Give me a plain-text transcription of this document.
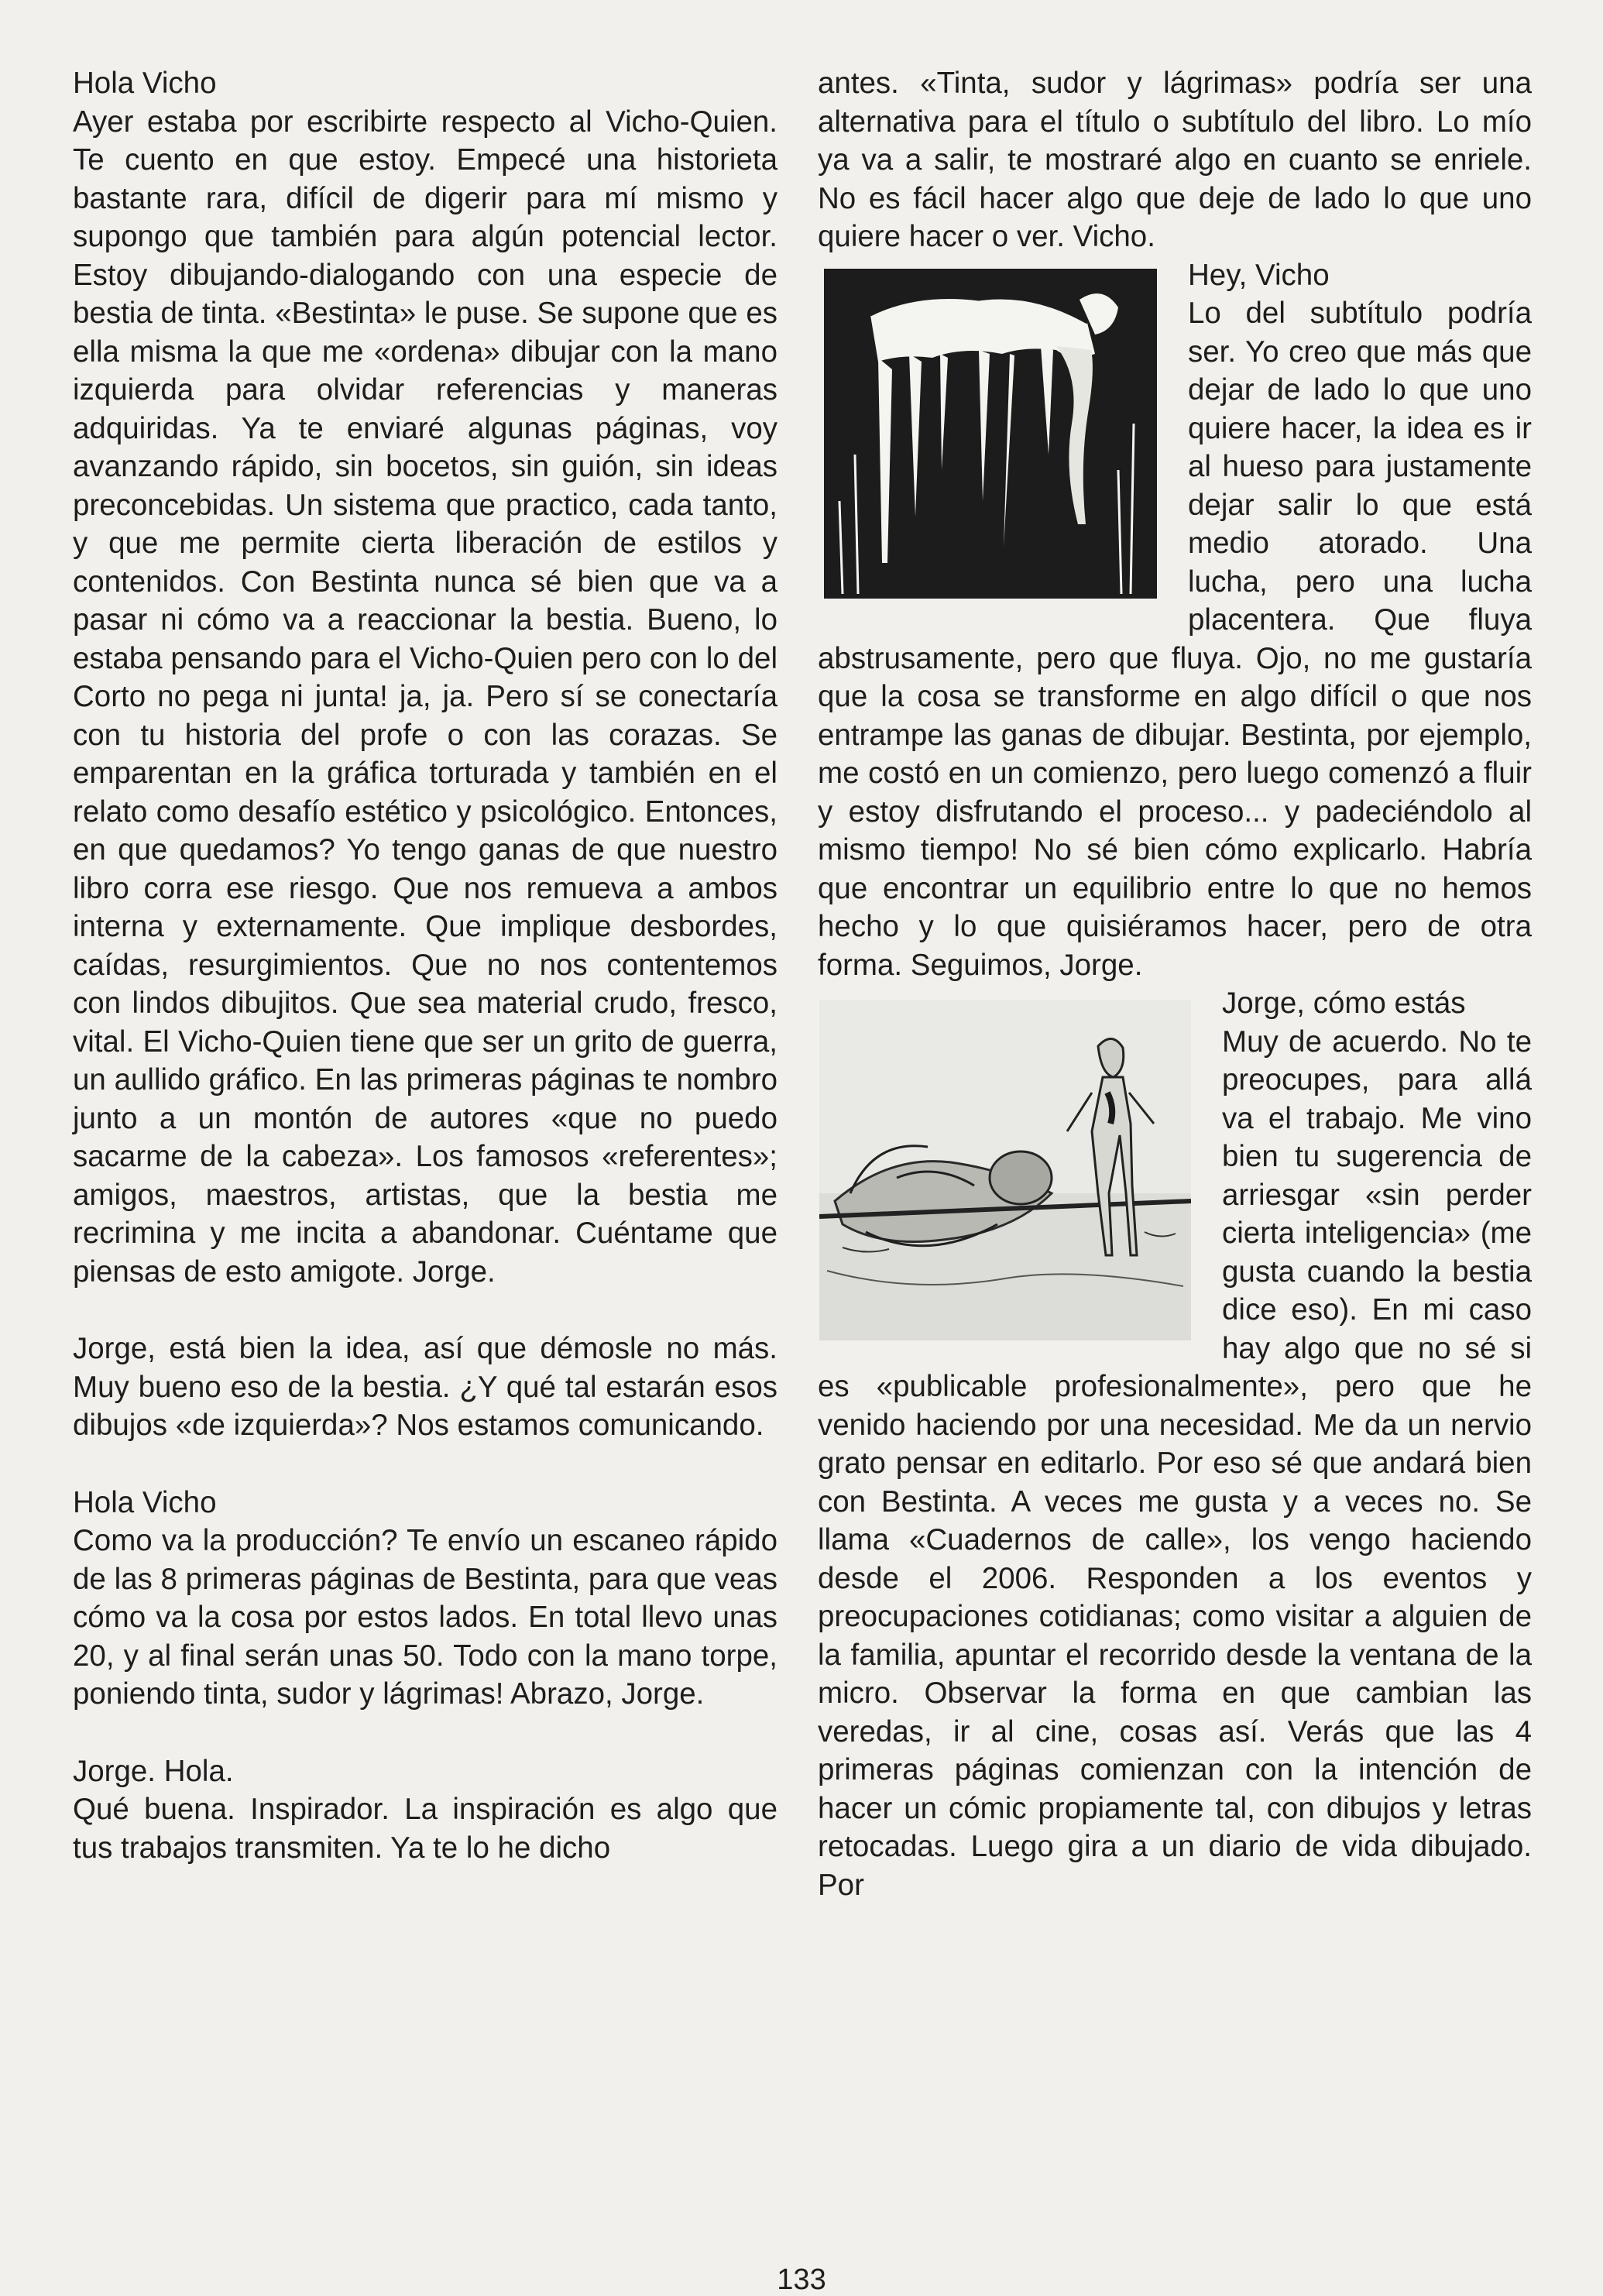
Hola Vicho
Ayer estaba por escribirte respecto al Vicho-Quien. Te cuento en que estoy. Empecé una historieta bastante rara, difícil de digerir para mí mismo y supongo que también para algún potencial lector. Estoy dibujando-dialogando con una especie de bestia de tinta. «Bestinta» le puse. Se supone que es ella misma la que me «ordena» dibujar con la mano izquierda para olvidar referencias y maneras adquiridas. Ya te enviaré algunas páginas, voy avanzando rápido, sin bocetos, sin guión, sin ideas preconcebidas. Un sistema que practico, cada tanto, y que me permite cierta liberación de estilos y contenidos. Con Bestinta nunca sé bien que va a pasar ni cómo va a reaccionar la bestia. Bueno, lo estaba pensando para el Vicho-Quien pero con lo del Corto no pega ni junta! ja, ja. Pero sí se conectaría con tu historia del profe o con las corazas. Se emparentan en la gráfica torturada y también en el relato como desafío estético y psicológico. Entonces, en que quedamos? Yo tengo ganas de que nuestro libro corra ese riesgo. Que nos remueva a ambos interna y externamente. Que implique desbordes, caídas, resurgimientos. Que no nos contentemos con lindos dibujitos. Que sea material crudo, fresco, vital. El Vicho-Quien tiene que ser un grito de guerra, un aullido gráfico. En las primeras páginas te nombro junto a un montón de autores «que no puedo sacarme de la cabeza». Los famosos «referentes»; amigos, maestros, artistas, que la bestia me recrimina y me incita a abandonar. Cuéntame que piensas de esto amigote. Jorge.

Jorge, está bien la idea, así que démosle no más. Muy bueno eso de la bestia. ¿Y qué tal estarán esos dibujos «de izquierda»? Nos estamos comunicando.

Hola Vicho
Como va la producción? Te envío un escaneo rápido de las 8 primeras páginas de Bestinta, para que veas cómo va la cosa por estos lados. En total llevo unas 20, y al final serán unas 50. Todo con la mano torpe, poniendo tinta, sudor y lágrimas! Abrazo, Jorge.

Jorge. Hola.
Qué buena. Inspirador. La inspiración es algo que tus trabajos transmiten. Ya te lo he dicho

antes. «Tinta, sudor y lágrimas» podría ser una alternativa para el título o subtítulo del libro. Lo mío ya va a salir, te mostraré algo en cuanto se enriele. No es fácil hacer algo que deje de lado lo que uno quiere hacer o ver. Vicho.

Hey, Vicho

Lo del subtítulo podría ser. Yo creo que más que dejar de lado lo que uno quiere hacer, la idea es ir al hueso para justamente dejar salir lo que está medio atorado. Una lucha, pero una lucha placentera. Que fluya abstrusamente, pero que fluya. Ojo, no me gustaría que la cosa se transforme en algo difícil o que nos entrampe las ganas de dibujar. Bestinta, por ejemplo, me costó en un comienzo, pero luego comenzó a fluir y estoy disfrutando el proceso... y padeciéndolo al mismo tiempo! No sé bien cómo explicarlo. Habría que encontrar un equilibrio entre lo que no hemos hecho y lo que quisiéramos hacer, pero de otra forma. Seguimos, Jorge.

Jorge, cómo estás

Muy de acuerdo. No te preocupes, para allá va el trabajo. Me vino bien tu sugerencia de arriesgar «sin perder cierta inteligencia» (me gusta cuando la bestia dice eso). En mi caso hay algo que no sé si es «publicable profesionalmente», pero que he venido haciendo por una necesidad. Me da un nervio grato pensar en editarlo. Por eso sé que andará bien con Bestinta. A veces me gusta y a veces no. Se llama «Cuadernos de calle», los vengo haciendo desde el 2006. Responden a los eventos y preocupaciones cotidianas; como visitar a alguien de la familia, apuntar el recorrido desde la ventana de la micro. Observar la forma en que cambian las veredas, ir al cine, cosas así. Verás que las 4 primeras páginas comienzan con la intención de hacer un cómic propiamente tal, con dibujos y letras retocadas. Luego gira a un diario de vida dibujado. Por

133
